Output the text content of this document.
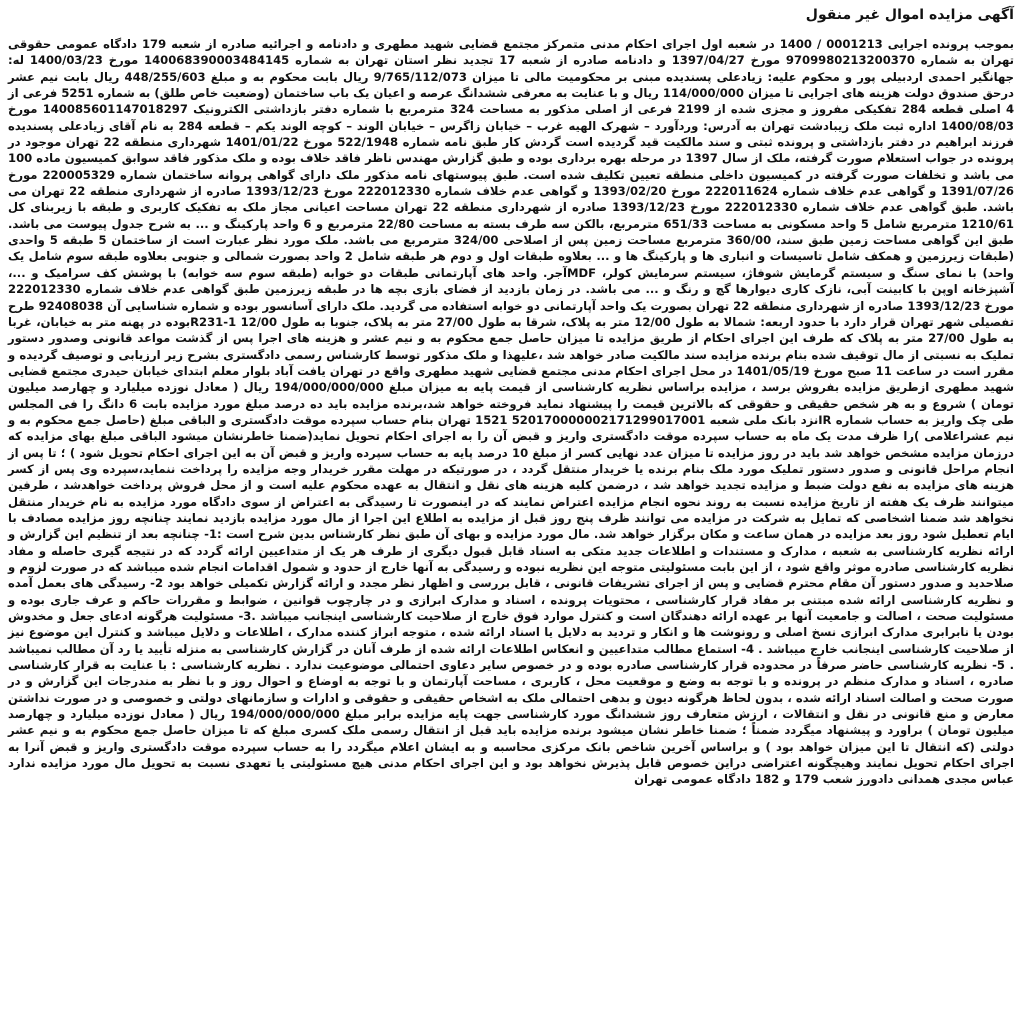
آگهی مزایده اموال غیر منقول

بموجب پرونده اجرایی 0001213 / 1400 در شعبه اول اجرای احکام مدنی متمرکز مجتمع قضایی شهید مطهری و دادنامه و اجرائیه صادره از شعبه 179 دادگاه عمومی حقوقی تهران به شماره 9709980213200370 مورخ 1397/04/27 و دادنامه صادره از شعبه 17 تجدید نظر استان تهران به شماره 140068390003484145 مورخ 1400/03/23 له: جهانگیر احمدی اردبیلی پور و محکوم علیه: زیادعلی پسندیده مبنی بر محکومیت مالی تا میزان 9/765/112/073 ریال بابت محکوم به و مبلغ 448/255/603 ریال بابت نیم عشر درحق صندوق دولت هزینه های اجرایی تا میزان 114/000/000 ریال و با عنایت به معرفی ششدانگ عرصه و اعیان یک باب ساختمان (وضعیت خاص طلق) به شماره 5251 فرعی از 4 اصلی قطعه 284 تفکیکی مفروز و مجزی شده از 2199 فرعی از اصلی مذکور به مساحت 324 مترمربع با شماره دفتر بازداشتی الکترونیک 140085601147018297 مورخ 1400/08/03 اداره ثبت ملک زیبادشت تهران به آدرس: وردآورد – شهرک الهیه غرب – خیابان زاگرس – خیابان الوند – کوچه الوند یکم – قطعه 284 به نام آقای زیادعلی پسندیده فرزند ابراهیم در دفتر بازداشتی و پرونده ثبتی و سند مالکیت قید گردیده است گردش کار طبق نامه شماره 522/1948 مورخ 1401/01/22 شهرداری منطقه 22 تهران موجود در پرونده در جواب استعلام صورت گرفته، ملک از سال 1397 در مرحله بهره برداری بوده و طبق گزارش مهندس ناظر فاقد خلاف بوده و ملک مذکور فاقد سوابق کمیسیون ماده 100 می باشد و تخلفات صورت گرفته در کمیسیون داخلی منطقه تعیین تکلیف شده است. طبق پیوستهای نامه مذکور ملک دارای گواهی پروانه ساختمان شماره 220005329 مورخ 1391/07/26 و گواهی عدم خلاف شماره 222011624 مورخ 1393/02/20 و گواهی عدم خلاف شماره 222012330 مورخ 1393/12/23 صادره از شهرداری منطقه 22 تهران می باشد. طبق گواهی عدم خلاف شماره 222012330 مورخ 1393/12/23 صادره از شهرداری منطقه 22 تهران مساحت اعیانی مجاز ملک به تفکیک کاربری و طبقه با زیربنای کل 1210/61 مترمربع شامل 5 واحد مسکونی به مساحت 651/33 مترمربع، بالکن سه طرف بسته به مساحت 22/80 مترمربع و 6 واحد پارکینگ و ... به شرح جدول پیوست می باشد. طبق این گواهی مساحت زمین طبق سند، 360/00 مترمربع مساحت زمین پس از اصلاحی 324/00 مترمربع می باشد. ملک مورد نظر عبارت است از ساختمان 5 طبقه 5 واحدی (طبقات زیرزمین و همکف شامل تاسیسات و انباری ها و پارکینگ ها و ... بعلاوه طبقات اول و دوم هر طبقه شامل 2 واحد بصورت شمالی و جنوبی بعلاوه طبقه سوم شامل یک واحد) با نمای سنگ و سیستم گرمایش شوفاژ، سیستم سرمایش کولر، MDFآجر. واحد های آپارتمانی طبقات دو خوابه (طبقه سوم سه خوابه) با پوشش کف سرامیک و ...، آشپزخانه اوپن با کابینت آبی، نازک کاری دیوارها گچ و رنگ و ... می باشد. در زمان بازدید از فضای بازی بچه ها در طبقه زیرزمین طبق گواهی عدم خلاف شماره 222012330 مورخ 1393/12/23 صادره از شهرداری منطقه 22 تهران بصورت یک واحد آپارتمانی دو خوابه استفاده می گردید. ملک دارای آسانسور بوده و شماره شناسایی آن 92408038 طرح تفصیلی شهر تهران قرار دارد با حدود اربعه: شمالا به طول 12/00 متر به پلاک، شرقا به طول 27/00 متر به پلاک، جنوبا به طول 12/00 R231-1بوده در پهنه متر به خیابان، غربا به طول 27/00 متر به پلاک که طرف این اجرای احکام از طریق مزایده تا میزان حاصل جمع محکوم به و نیم عشر و هزینه های اجرا پس از گذشت مواعد قانونی وصدور دستور تملیک به نسبتی از مال توقیف شده بنام برنده مزایده سند مالکیت صادر خواهد شد ،علیهذا و ملک مذکور توسط کارشناس رسمی دادگستری بشرح زیر ارزیابی و توصیف گردیده و مقرر است در ساعت 11 صبح مورخ 1401/05/19 در محل اجرای احکام مدنی مجتمع قضایی شهید مطهری واقع در تهران یافت آباد بلوار معلم ابتدای خیابان حیدری مجتمع قضایی شهید مطهری ازطریق مزایده بفروش برسد ، مزایده براساس نظریه کارشناسی از قیمت پایه به میزان مبلغ 194/000/000/000 ریال ( معادل نوزده میلیارد و چهارصد میلیون تومان ) شروع و به هر شخص حقیقی و حقوقی که بالاترین قیمت را پیشنهاد نماید فروخته خواهد شد،برنده مزایده باید ده درصد مبلغ مورد مزایده بابت 6 دانگ را فی المجلس طی چک واریز به حساب شماره IRنزد بانک ملی شعبه 520170000002171299017001 1521 تهران بنام حساب سپرده موقت دادگستری و الباقی مبلغ (حاصل جمع محکوم به و نیم عشراعلامی )را ظرف مدت یک ماه به حساب سپرده موقت دادگستری واریز و قبض آن را به اجرای احکام تحویل نماید(ضمنا خاطرنشان میشود الباقی مبلغ بهای مزایده که درزمان مزایده مشخص خواهد شد باید در روز مزایده تا میزان عدد نهایی کسر از مبلغ 10 درصد پایه به حساب سپرده واریز و قبض آن به این اجرای احکام تحویل شود ) ؛ تا پس از انجام مراحل قانونی و صدور دستور تملیک مورد ملک بنام برنده یا خریدار منتقل گردد ، در صورتیکه در مهلت مقرر خریدار وجه مزایده را پرداخت ننماید،سپرده وی پس از کسر هزینه های مزایده به نفع دولت ضبط و مزایده تجدید خواهد شد ، درضمن کلیه هزینه های نقل و انتقال به عهده محکوم علیه است و از محل فروش پرداخت خواهدشد ، طرفین میتوانند ظرف یک هفته از تاریخ مزایده نسبت به روند نحوه انجام مزایده اعتراض نمایند که در اینصورت تا رسیدگی به اعتراض از سوی دادگاه مورد مزایده به نام خریدار منتقل نخواهد شد ضمنا اشخاصی که تمایل به شرکت در مزایده می توانند ظرف پنج روز قبل از مزایده به اطلاع این اجرا از مال مورد مزایده بازدید نمایند چنانچه روز مزایده مصادف با ایام تعطیل شود روز بعد مزایده در همان ساعت و مکان برگزار خواهد شد. مال مورد مزایده و بهای آن طبق نظر کارشناس بدین شرح است :1- چنانچه بعد از تنظیم این گزارش و ارائه نظریه کارشناسی به شعبه ، مدارک و مستندات و اطلاعات جدید متکی به اسناد قابل قبول دیگری از طرف هر یک از متداعیین ارائه گردد که در نتیجه گیری حاصله و مفاد نظریه کارشناسی صادره موثر واقع شود ، از این بابت مسئولیتی متوجه این نظریه نبوده و رسیدگی به آنها خارج از حدود و شمول اقدامات انجام شده میباشد که در صورت لزوم و صلاحدید و صدور دستور آن مقام محترم قضایی و پس از اجرای تشریفات قانونی ، قابل بررسی و اظهار نظر مجدد و ارائه گزارش تکمیلی خواهد بود 2- رسیدگی های بعمل آمده و نظریه کارشناسی ارائه شده مبتنی بر مفاد قرار کارشناسی ، محتویات پرونده ، اسناد و مدارک ابرازی و در چارچوب قوانین ، ضوابط و مقررات حاکم و عرف جاری بوده و مسئولیت صحت ، اصالت و جامعیت آنها بر عهده ارائه دهندگان است و کنترل موارد فوق خارج از صلاحیت کارشناسی اینجانب میباشد .3- مسئولیت هرگونه ادعای جعل و مخدوش بودن یا نابرابری مدارک ابرازی نسخ اصلی و رونوشت ها و انکار و تردید به دلایل یا اسناد ارائه شده ، متوجه ابراز کننده مدارک ، اطلاعات و دلایل میباشد و کنترل این موضوع نیز از صلاحیت کارشناسی اینجانب خارج میباشد . 4- استماع مطالب متداعیین و انعکاس اطلاعات ارائه شده از طرف آنان در گزارش کارشناسی به منزله تأیید یا رد آن مطالب نمیباشد . 5- نظریه کارشناسی حاضر صرفاً در محدوده قرار کارشناسی صادره بوده و در خصوص سایر دعاوی احتمالی موضوعیت ندارد . نظریه کارشناسی : با عنایت به قرار کارشناسی صادره ، اسناد و مدارک منظم در پرونده و با توجه به وضع و موقعیت محل ، کاربری ، مساحت آپارتمان و با توجه به اوضاع و احوال روز و با نظر به مندرجات این گزارش و در صورت صحت و اصالت اسناد ارائه شده ، بدون لحاظ هرگونه دیون و بدهی احتمالی ملک به اشخاص حقیقی و حقوقی و ادارات و سازمانهای دولتی و خصوصی و در صورت نداشتن معارض و منع قانونی در نقل و انتقالات ، ارزش متعارف روز ششدانگ مورد کارشناسی جهت پایه مزایده برابر مبلغ 194/000/000/000 ریال ( معادل نوزده میلیارد و چهارصد میلیون تومان ) براورد و پیشنهاد میگردد ضمناً ؛ ضمنا خاطر نشان میشود برنده مزایده باید قبل از انتقال رسمی ملک کسری مبلغ که تا میزان حاصل جمع محکوم به و نیم عشر دولتی (که انتقال تا این میزان خواهد بود ) و براساس آخرین شاخص بانک مرکزی محاسبه و به ایشان اعلام میگردد را به حساب سپرده موقت دادگستری واریز و قبض آنرا به اجرای احکام تحویل نمایند وهیچگونه اعتراضی دراین خصوص قابل پذیرش نخواهد بود و این اجرای احکام مدنی هیچ مسئولیتی یا تعهدی نسبت به تحویل مال مورد مزایده ندارد عباس مجدی همدانی دادورز شعب 179 و 182 دادگاه عمومی تهران
